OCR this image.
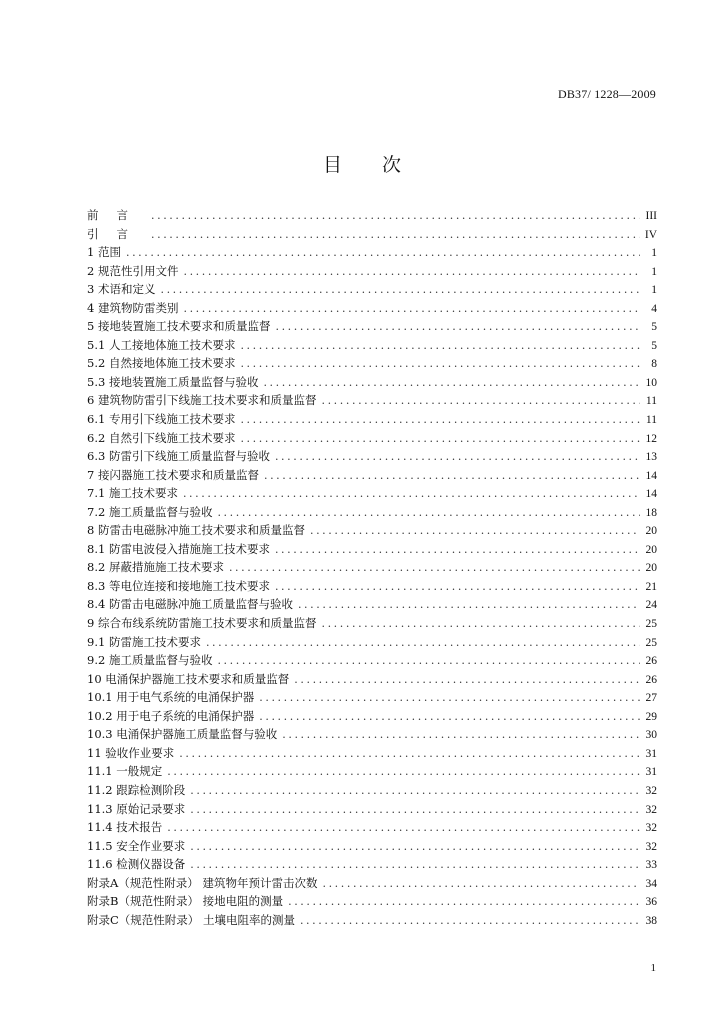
DB37/ 1228—2009
目次
前言 .....	III
引言 .....	IV
1 范围 .....	1
2 规范性引用文件 .....	1
3 术语和定义 .....	1
4 建筑物防雷类别 .....	4
5 接地装置施工技术要求和质量监督 .....	5
5.1 人工接地体施工技术要求 .....	5
5.2 自然接地体施工技术要求 .....	8
5.3 接地装置施工质量监督与验收 .....	10
6 建筑物防雷引下线施工技术要求和质量监督 .....	11
6.1 专用引下线施工技术要求 .....	11
6.2 自然引下线施工技术要求 .....	12
6.3 防雷引下线施工质量监督与验收 .....	13
7 接闪器施工技术要求和质量监督 .....	14
7.1 施工技术要求 .....	14
7.2 施工质量监督与验收 .....	18
8 防雷击电磁脉冲施工技术要求和质量监督 .....	20
8.1 防雷电波侵入措施施工技术要求 .....	20
8.2 屏蔽措施施工技术要求 .....	20
8.3 等电位连接和接地施工技术要求 .....	21
8.4 防雷击电磁脉冲施工质量监督与验收 .....	24
9 综合布线系统防雷施工技术要求和质量监督 .....	25
9.1 防雷施工技术要求 .....	25
9.2 施工质量监督与验收 .....	26
10 电涌保护器施工技术要求和质量监督 .....	26
10.1 用于电气系统的电涌保护器 .....	27
10.2 用于电子系统的电涌保护器 .....	29
10.3 电涌保护器施工质量监督与验收 .....	30
11 验收作业要求 .....	31
11.1 一般规定 .....	31
11.2 跟踪检测阶段 .....	32
11.3 原始记录要求 .....	32
11.4 技术报告 .....	32
11.5 安全作业要求 .....	32
11.6 检测仪器设备 .....	33
附录A（规范性附录） 建筑物年预计雷击次数 .....	34
附录B（规范性附录） 接地电阻的测量 .....	36
附录C（规范性附录） 土壤电阻率的测量 .....	38
1
